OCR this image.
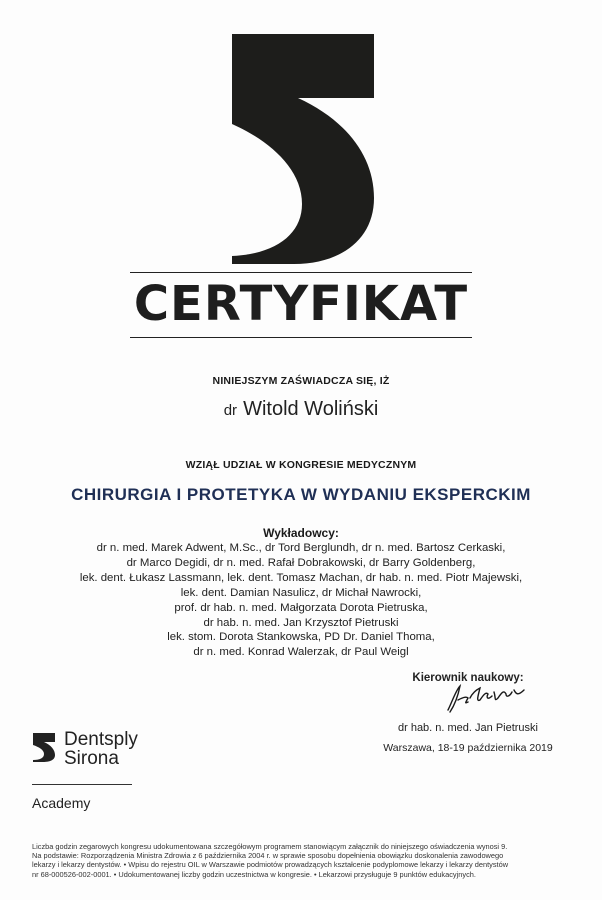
CERTYFIKAT
NINIEJSZYM ZAŚWIADCZA SIĘ, IŻ
dr Witold Woliński
WZIĄŁ UDZIAŁ W KONGRESIE MEDYCZNYM
CHIRURGIA I PROTETYKA W WYDANIU EKSPERCKIM
Wykładowcy:
dr n. med. Marek Adwent, M.Sc., dr Tord Berglundh, dr n. med. Bartosz Cerkaski,
dr Marco Degidi, dr n. med. Rafał Dobrakowski, dr Barry Goldenberg,
lek. dent. Łukasz Lassmann, lek. dent. Tomasz Machan, dr hab. n. med. Piotr Majewski,
lek. dent. Damian Nasulicz, dr Michał Nawrocki,
prof. dr hab. n. med. Małgorzata Dorota Pietruska,
dr hab. n. med. Jan Krzysztof Pietruski
lek. stom. Dorota Stankowska, PD Dr. Daniel Thoma,
dr n. med. Konrad Walerzak, dr Paul Weigl
Kierownik naukowy:
dr hab. n. med. Jan Pietruski
Warszawa, 18-19 października 2019
Dentsply
Sirona
Academy
Liczba godzin zegarowych kongresu udokumentowana szczegółowym programem stanowiącym załącznik do niniejszego oświadczenia wynosi 9.
Na podstawie: Rozporządzenia Ministra Zdrowia z 6 października 2004 r. w sprawie sposobu dopełnienia obowiązku doskonalenia zawodowego
lekarzy i lekarzy dentystów. • Wpisu do rejestru OIL w Warszawie podmiotów prowadzących kształcenie podyplomowe lekarzy i lekarzy dentystów
nr 68-000526-002-0001. • Udokumentowanej liczby godzin uczestnictwa w kongresie. • Lekarzowi przysługuje 9 punktów edukacyjnych.
